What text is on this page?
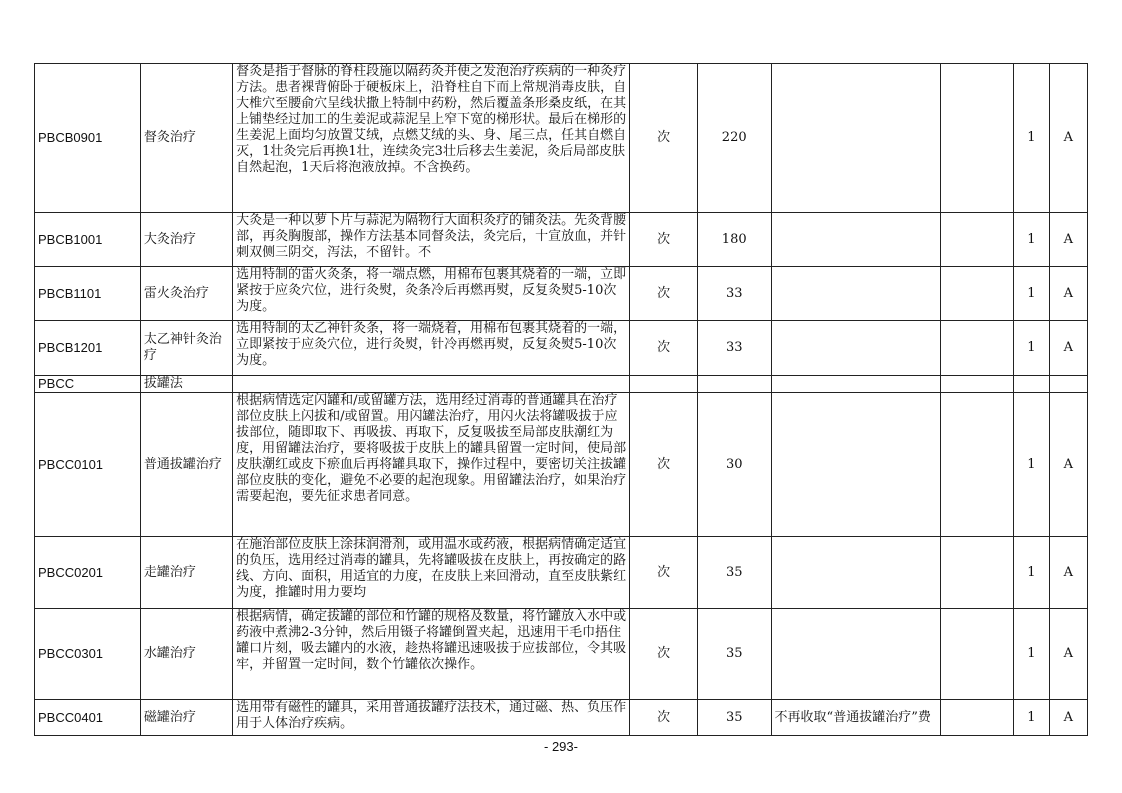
PBCB0901	督灸治疗	督灸是指于督脉的脊柱段施以隔药灸并使之发泡治疗疾病的一种灸疗方法。患者裸背俯卧于硬板床上，沿脊柱自下而上常规消毒皮肤，自大椎穴至腰俞穴呈线状撒上特制中药粉，然后覆盖条形桑皮纸，在其上铺垫经过加工的生姜泥或蒜泥呈上窄下宽的梯形状。最后在梯形的生姜泥上面均匀放置艾绒，点燃艾绒的头、身、尾三点，任其自燃自灭，1壮灸完后再换1壮，连续灸完3壮后移去生姜泥，灸后局部皮肤自然起泡，1天后将泡液放掉。不含换药。	次	220			1	A
PBCB1001	大灸治疗	大灸是一种以萝卜片与蒜泥为隔物行大面积灸疗的铺灸法。先灸背腰部，再灸胸腹部，操作方法基本同督灸法，灸完后，十宣放血，并针刺双侧三阴交，泻法，不留针。不	次	180			1	A
PBCB1101	雷火灸治疗	选用特制的雷火灸条，将一端点燃，用棉布包裹其烧着的一端，立即紧按于应灸穴位，进行灸熨，灸条冷后再燃再熨，反复灸熨5-10次为度。	次	33			1	A
PBCB1201	太乙神针灸治疗	选用特制的太乙神针灸条，将一端烧着，用棉布包裹其烧着的一端，立即紧按于应灸穴位，进行灸熨，针冷再燃再熨，反复灸熨5-10次为度。	次	33			1	A
PBCC	拔罐法	

PBCC0101	普通拔罐治疗	根据病情选定闪罐和/或留罐方法，选用经过消毒的普通罐具在治疗部位皮肤上闪拔和/或留置。用闪罐法治疗，用闪火法将罐吸拔于应拔部位，随即取下、再吸拔、再取下，反复吸拔至局部皮肤潮红为度，用留罐法治疗，要将吸拔于皮肤上的罐具留置一定时间，使局部皮肤潮红或皮下瘀血后再将罐具取下，操作过程中，要密切关注拔罐部位皮肤的变化，避免不必要的起泡现象。用留罐法治疗，如果治疗需要起泡，要先征求患者同意。	次	30			1	A
PBCC0201	走罐治疗	在施治部位皮肤上涂抹润滑剂，或用温水或药液，根据病情确定适宜的负压，选用经过消毒的罐具，先将罐吸拔在皮肤上，再按确定的路线、方向、面积，用适宜的力度，在皮肤上来回滑动，直至皮肤紫红为度，推罐时用力要均	次	35			1	A
PBCC0301	水罐治疗	根据病情，确定拔罐的部位和竹罐的规格及数量，将竹罐放入水中或药液中煮沸2-3分钟，然后用镊子将罐倒置夹起，迅速用干毛巾捂住罐口片刻，吸去罐内的水液，趁热将罐迅速吸拔于应拔部位，令其吸牢，并留置一定时间，数个竹罐依次操作。	次	35			1	A
PBCC0401	磁罐治疗	选用带有磁性的罐具，采用普通拔罐疗法技术，通过磁、热、负压作用于人体治疗疾病。	次	35	不再收取“普通拔罐治疗”费		1	A
- 293-
